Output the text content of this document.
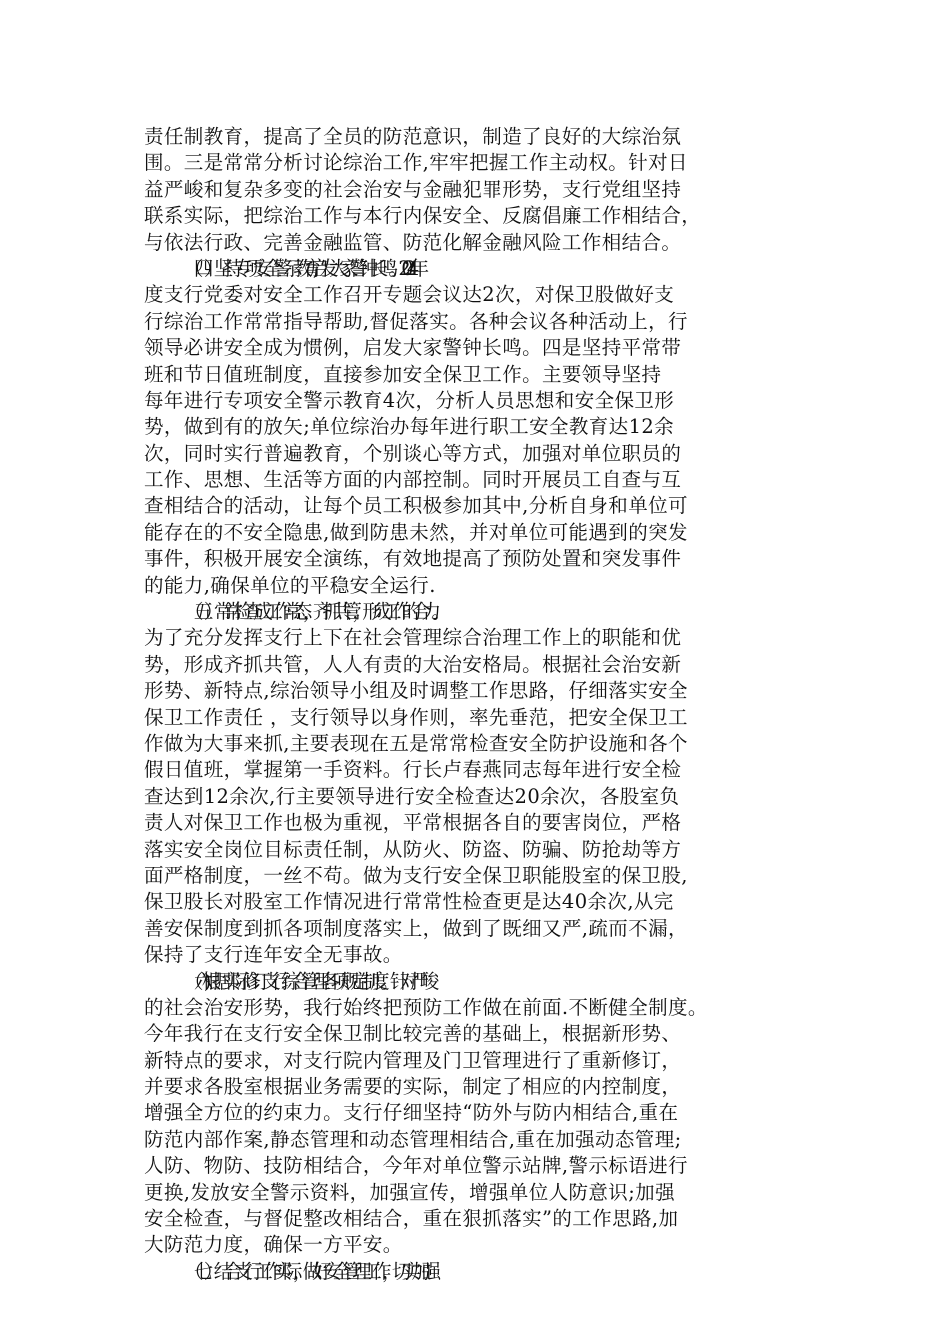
责任制教育，提高了全员的防范意识，制造了良好的大综治氛
围。三是常常分析讨论综治工作,牢牢把握工作主动权。针对日
益严峻和复杂多变的社会治安与金融犯罪形势，支行党组坚持
联系实际，把综治工作与本行内保安全、反腐倡廉工作相结合，
与依法行政、完善金融监管、防范化解金融风险工作相结合。
（四）坚持专项安全警示教育,启发大家警钟长鸣。2024年
度支行党委对安全工作召开专题会议达2次，对保卫股做好支
行综治工作常常指导帮助,督促落实。各种会议各种活动上，行
领导必讲安全成为惯例，启发大家警钟长鸣。四是坚持平常带
班和节日值班制度，直接参加安全保卫工作。主要领导坚持
每年进行专项安全警示教育4次，分析人员思想和安全保卫形
势，做到有的放矢;单位综治办每年进行职工安全教育达12余
次，同时实行普遍教育，个别谈心等方式，加强对单位职员的
工作、思想、生活等方面的内部控制。同时开展员工自查与互
查相结合的活动，让每个员工积极参加其中,分析自身和单位可
能存在的不安全隐患,做到防患未然，并对单位可能遇到的突发
事件，积极开展安全演练，有效地提高了预防处置和突发事件
的能力,确保单位的平稳安全运行.
（五）常常检查成工作常态，齐抓共管，形成工作的合力。
为了充分发挥支行上下在社会管理综合治理工作上的职能和优
势，形成齐抓共管，人人有责的大治安格局。根据社会治安新
形势、新特点,综治领导小组及时调整工作思路，仔细落实安全
保卫工作责任 ，支行领导以身作则，率先垂范，把安全保卫工
作做为大事来抓,主要表现在五是常常检查安全防护设施和各个
假日值班，掌握第一手资料。行长卢春燕同志每年进行安全检
查达到12余次,行主要领导进行安全检查达20余次，各股室负
责人对保卫工作也极为重视，平常根据各自的要害岗位，严格
落实安全岗位目标责任制，从防火、防盗、防骗、防抢劫等方
面严格制度，一丝不苟。做为支行安全保卫职能股室的保卫股,
保卫股长对股室工作情况进行常常性检查更是达40余次,从完
善安保制度到抓各项制度落实上，做到了既细又严,疏而不漏，
保持了支行连年安全无事故。
（六)根据实际修订支行综合管理各项规定制度。针对严峻
的社会治安形势，我行始终把预防工作做在前面.不断健全制度。
今年我行在支行安全保卫制比较完善的基础上，根据新形势、
新特点的要求，对支行院内管理及门卫管理进行了重新修订，
并要求各股室根据业务需要的实际，制定了相应的内控制度，
增强全方位的约束力。支行仔细坚持“防外与防内相结合,重在
防范内部作案,静态管理和动态管理相结合,重在加强动态管理;
人防、物防、技防相结合，今年对单位警示站牌,警示标语进行
更换,发放安全警示资料，加强宣传，增强单位人防意识;加强
安全检查，与督促整改相结合，重在狠抓落实”的工作思路,加
大防范力度，确保一方平安。
（七）结合支行工作实际，做好安全管理工作，切实加强
